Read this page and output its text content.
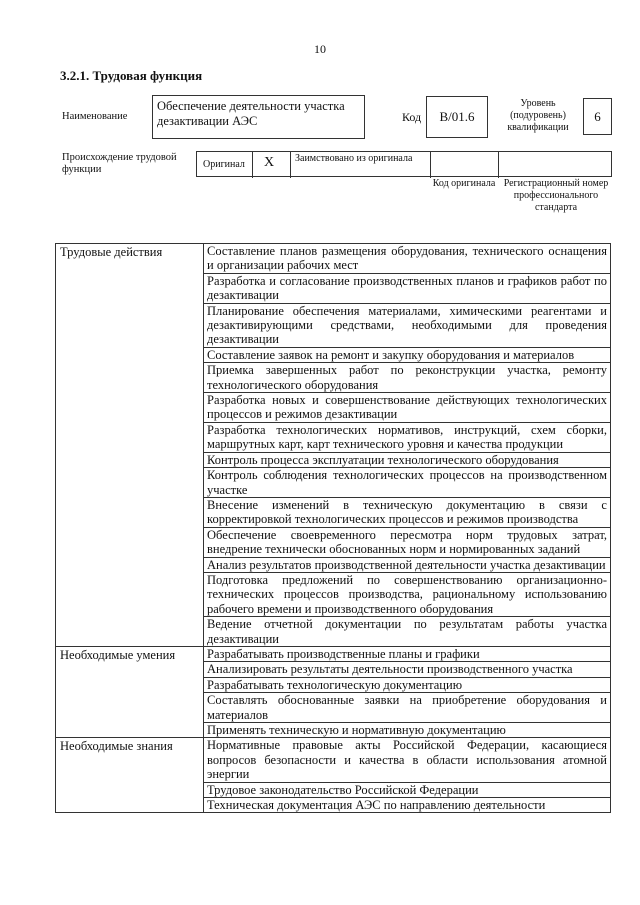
10
3.2.1. Трудовая функция
Наименование
Обеспечение деятельности участка дезактивации АЭС	Код B/01.6
Уровень (подуровень) квалификации
6
Происхождение трудовой функции	Оригинал X Заимствовано из оригинала
Код оригинала Регистрационный номер профессионального стандарта
Трудовые действия	Составление планов размещения оборудования, технического оснащения и организации рабочих мест
	Разработка и согласование производственных планов и графиков работ по дезактивации
	Планирование обеспечения материалами, химическими реагентами и дезактивирующими средствами, необходимыми для проведения дезактивации
	Составление заявок на ремонт и закупку оборудования и материалов
	Приемка завершенных работ по реконструкции участка, ремонту технологического оборудования
	Разработка новых и совершенствование действующих технологических процессов и режимов дезактивации
	Разработка технологических нормативов, инструкций, схем сборки, маршрутных карт, карт технического уровня и качества продукции
	Контроль процесса эксплуатации технологического оборудования
	Контроль соблюдения технологических процессов на производственном участке
	Внесение изменений в техническую документацию в связи с корректировкой технологических процессов и режимов производства
	Обеспечение своевременного пересмотра норм трудовых затрат, внедрение технически обоснованных норм и нормированных заданий
	Анализ результатов производственной деятельности участка дезактивации
	Подготовка предложений по совершенствованию организационно-технических процессов производства, рациональному использованию рабочего времени и производственного оборудования
	Ведение отчетной документации по результатам работы участка дезактивации
Необходимые умения	Разрабатывать производственные планы и графики
	Анализировать результаты деятельности производственного участка
	Разрабатывать технологическую документацию
	Составлять обоснованные заявки на приобретение оборудования и материалов
	Применять техническую и нормативную документацию
Необходимые знания	Нормативные правовые акты Российской Федерации, касающиеся вопросов безопасности и качества в области использования атомной энергии
	Трудовое законодательство Российской Федерации
	Техническая документация АЭС по направлению деятельности
